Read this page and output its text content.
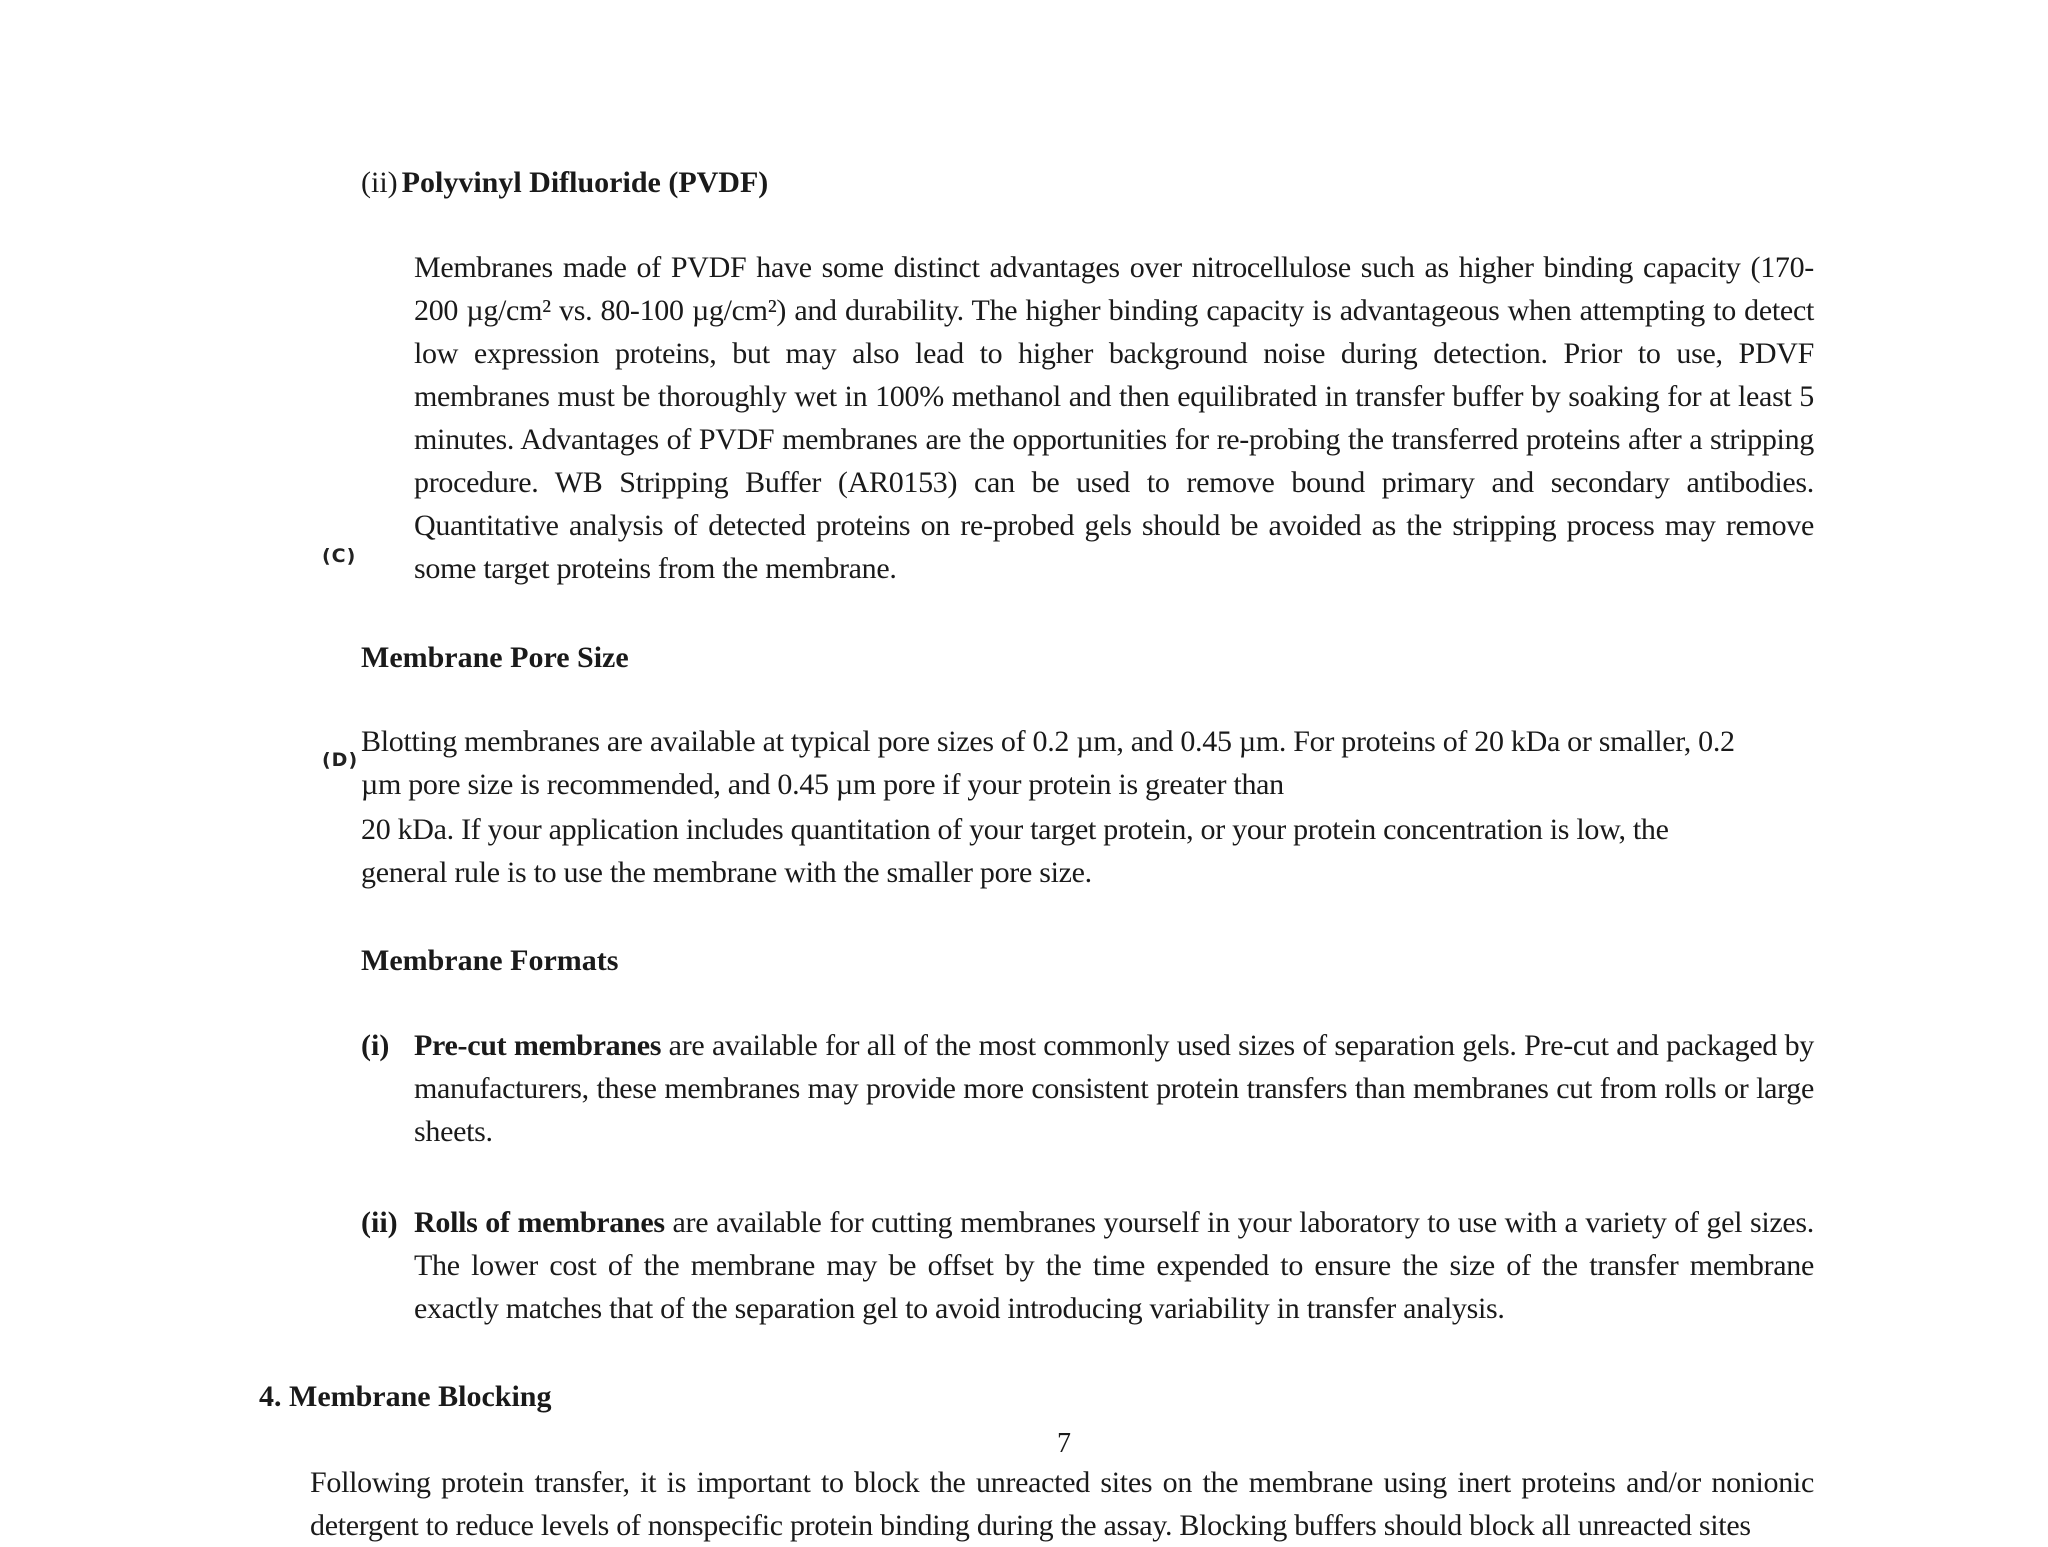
(ii) Polyvinyl Difluoride (PVDF)

Membranes made of PVDF have some distinct advantages over nitrocellulose such as higher binding capacity (170-200 µg/cm² vs. 80-100 µg/cm²) and durability. The higher binding capacity is advantageous when attempting to detect low expression proteins, but may also lead to higher background noise during detection. Prior to use, PDVF membranes must be thoroughly wet in 100% methanol and then equilibrated in transfer buffer by soaking for at least 5 minutes. Advantages of PVDF membranes are the opportunities for re-probing the transferred proteins after a stripping procedure. WB Stripping Buffer (AR0153) can be used to remove bound primary and secondary antibodies. Quantitative analysis of detected proteins on re-probed gels should be avoided as the stripping process may remove some target proteins from the membrane.

(C)
Membrane Pore Size
(D)
Blotting membranes are available at typical pore sizes of 0.2 µm, and 0.45 µm. For proteins of 20 kDa or smaller, 0.2
µm pore size is recommended, and 0.45 µm pore if your protein is greater than
20 kDa. If your application includes quantitation of your target protein, or your protein concentration is low, the
general rule is to use the membrane with the smaller pore size.
Membrane Formats
(i) Pre-cut membranes are available for all of the most commonly used sizes of separation gels. Pre-cut and packaged by manufacturers, these membranes may provide more consistent protein transfers than membranes cut from rolls or large sheets.

(ii) Rolls of membranes are available for cutting membranes yourself in your laboratory to use with a variety of gel sizes. The lower cost of the membrane may be offset by the time expended to ensure the size of the transfer membrane exactly matches that of the separation gel to avoid introducing variability in transfer analysis.

4. Membrane Blocking
7

Following protein transfer, it is important to block the unreacted sites on the membrane using inert proteins and/or nonionic detergent to reduce levels of nonspecific protein binding during the assay. Blocking buffers should block all unreacted sites
